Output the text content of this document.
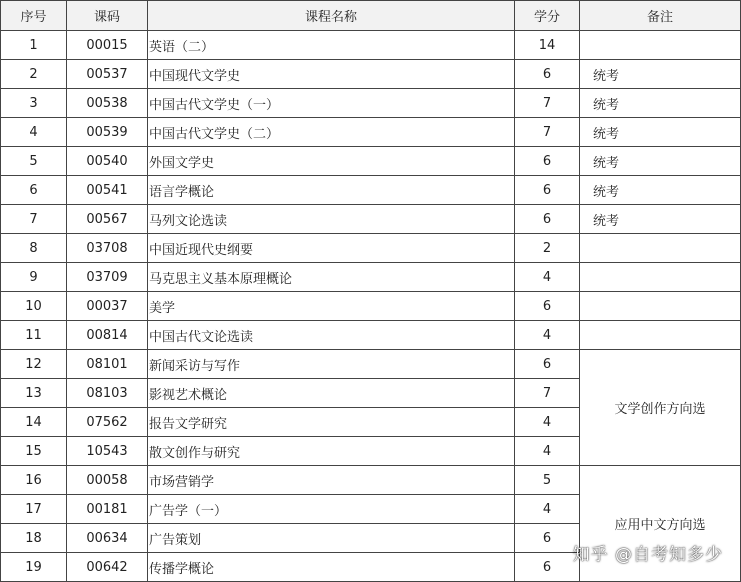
序号	课码	课程名称	学分	备注
1	00015	英语（二）	14	
2	00537	中国现代文学史	6	统考
3	00538	中国古代文学史（一）	7	统考
4	00539	中国古代文学史（二）	7	统考
5	00540	外国文学史	6	统考
6	00541	语言学概论	6	统考
7	00567	马列文论选读	6	统考
8	03708	中国近现代史纲要	2	
9	03709	马克思主义基本原理概论	4	
10	00037	美学	6	
11	00814	中国古代文论选读	4	
12	08101	新闻采访与写作	6	文学创作方向选
13	08103	影视艺术概论	7	
14	07562	报告文学研究	4	
15	10543	散文创作与研究	4	
16	00058	市场营销学	5	应用中文方向选
17	00181	广告学（一）	4	
18	00634	广告策划	6	
19	00642	传播学概论	6	
知乎 @自考知多少
